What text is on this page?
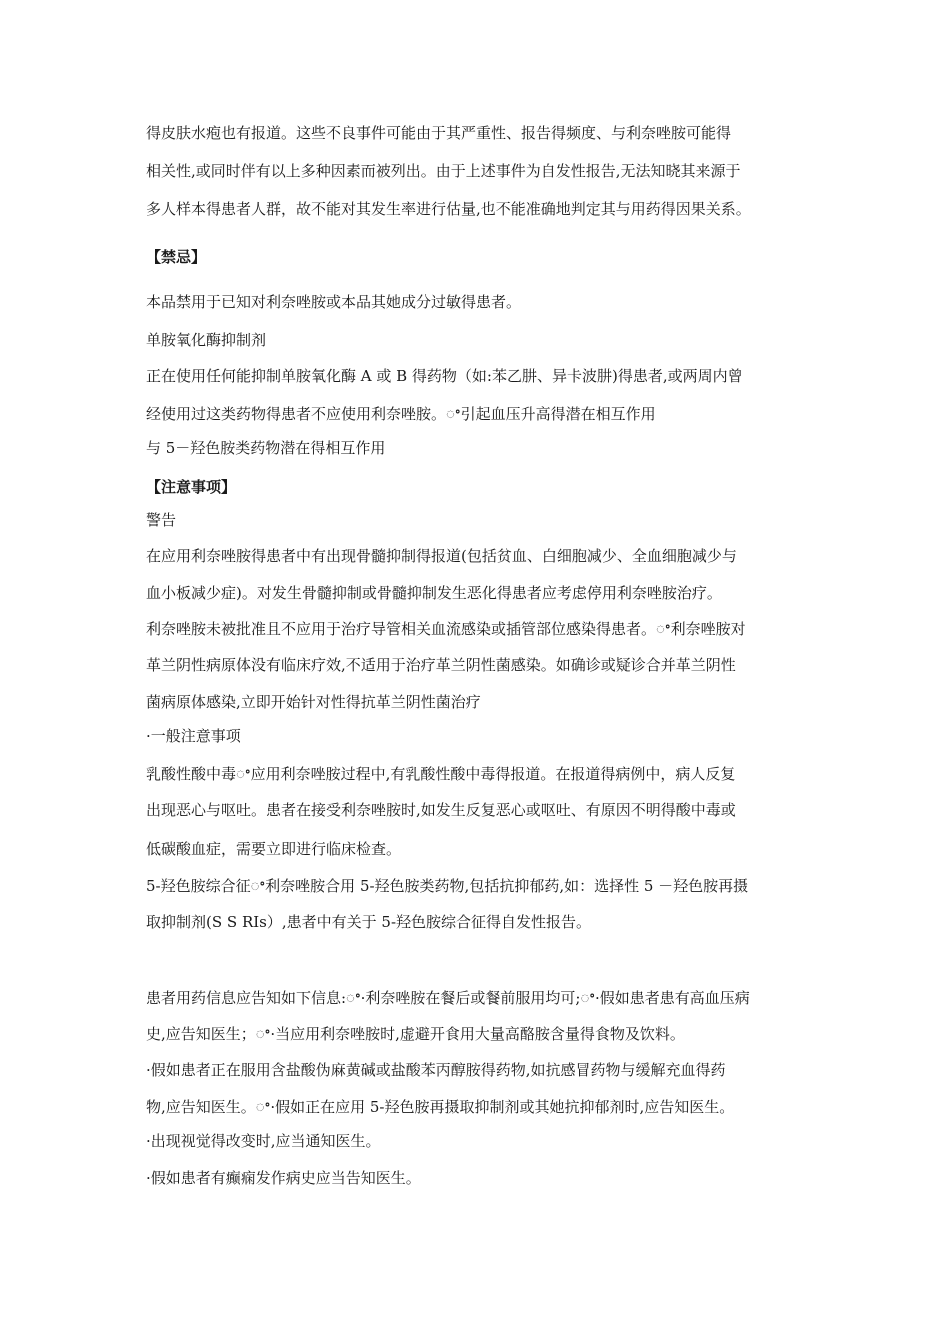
得皮肤水疱也有报道。这些不良事件可能由于其严重性、报告得频度、与利奈唑胺可能得

相关性,或同时伴有以上多种因素而被列出。由于上述事件为自发性报告,无法知晓其来源于

多人样本得患者人群，故不能对其发生率进行估量,也不能准确地判定其与用药得因果关系。

【禁忌】

本品禁用于已知对利奈唑胺或本品其她成分过敏得患者。

单胺氧化酶抑制剂

正在使用任何能抑制单胺氧化酶 A 或 B 得药物（如:苯乙肼、异卡波肼)得患者,或两周内曾

经使用过这类药物得患者不应使用利奈唑胺。ꢀ引起血压升高得潜在相互作用

与 5－羟色胺类药物潜在得相互作用

【注意事项】

警告

在应用利奈唑胺得患者中有出现骨髓抑制得报道(包括贫血、白细胞减少、全血细胞减少与

血小板减少症)。对发生骨髓抑制或骨髓抑制发生恶化得患者应考虑停用利奈唑胺治疗。

利奈唑胺未被批准且不应用于治疗导管相关血流感染或插管部位感染得患者。ꢀ利奈唑胺对

革兰阴性病原体没有临床疗效,不适用于治疗革兰阴性菌感染。如确诊或疑诊合并革兰阴性

菌病原体感染,立即开始针对性得抗革兰阴性菌治疗

·一般注意事项

乳酸性酸中毒ꢀ应用利奈唑胺过程中,有乳酸性酸中毒得报道。在报道得病例中，病人反复

出现恶心与呕吐。患者在接受利奈唑胺时,如发生反复恶心或呕吐、有原因不明得酸中毒或

低碳酸血症，需要立即进行临床检查。

5-羟色胺综合征ꢀ利奈唑胺合用 5-羟色胺类药物,包括抗抑郁药,如：选择性 5 －羟色胺再摄

取抑制剂(S S RIs）,患者中有关于 5-羟色胺综合征得自发性报告。

患者用药信息应告知如下信息:ꢀ·利奈唑胺在餐后或餐前服用均可;ꢀ·假如患者患有高血压病

史,应告知医生；ꢀ·当应用利奈唑胺时,虚避开食用大量高酪胺含量得食物及饮料。

·假如患者正在服用含盐酸伪麻黄碱或盐酸苯丙醇胺得药物,如抗感冒药物与缓解充血得药

物,应告知医生。ꢀ·假如正在应用 5-羟色胺再摄取抑制剂或其她抗抑郁剂时,应告知医生。

·出现视觉得改变时,应当通知医生。

·假如患者有癫痫发作病史应当告知医生。
